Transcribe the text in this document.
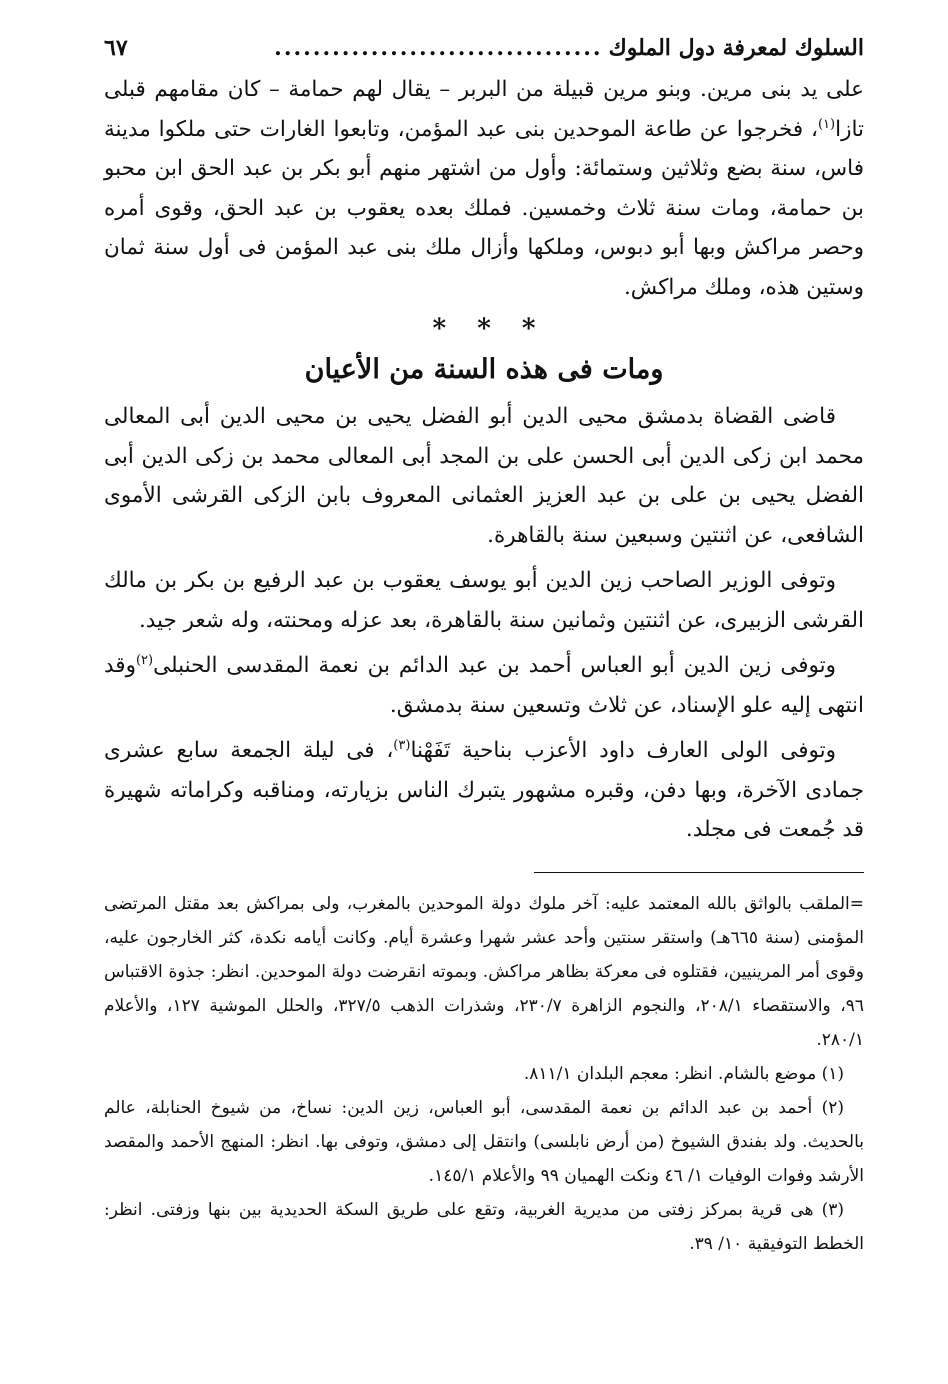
السلوك لمعرفة دول الملوك
..................................
٦٧

على يد بنى مرين. وبنو مرين قبيلة من البربر – يقال لهم حمامة – كان مقامهم قبلى تازا$^{(١)}$، فخرجوا عن طاعة الموحدين بنى عبد المؤمن، وتابعوا الغارات حتى ملكوا مدينة فاس، سنة بضع وثلاثين وستمائة: وأول من اشتهر منهم أبو بكر بن عبد الحق ابن محبو بن حمامة، ومات سنة ثلاث وخمسين. فملك بعده يعقوب بن عبد الحق، وقوى أمره وحصر مراكش وبها أبو دبوس، وملكها وأزال ملك بنى عبد المؤمن فى أول سنة ثمان وستين هذه، وملك مراكش.

* * *
ومات فى هذه السنة من الأعيان

قاضى القضاة بدمشق محيى الدين أبو الفضل يحيى بن محيى الدين أبى المعالى محمد ابن زكى الدين أبى الحسن على بن المجد أبى المعالى محمد بن زكى الدين أبى الفضل يحيى بن على بن عبد العزيز العثمانى المعروف بابن الزكى القرشى الأموى الشافعى، عن اثنتين وسبعين سنة بالقاهرة.

وتوفى الوزير الصاحب زين الدين أبو يوسف يعقوب بن عبد الرفيع بن بكر بن مالك القرشى الزبيرى، عن اثنتين وثمانين سنة بالقاهرة، بعد عزله ومحنته، وله شعر جيد.

وتوفى زين الدين أبو العباس أحمد بن عبد الدائم بن نعمة المقدسى الحنبلى$^{(٢)}$وقد انتهى إليه علو الإسناد، عن ثلاث وتسعين سنة بدمشق.

وتوفى الولى العارف داود الأعزب بناحية تَفَهْنا$^{(٣)}$، فى ليلة الجمعة سابع عشرى جمادى الآخرة، وبها دفن، وقبره مشهور يتبرك الناس بزيارته، ومناقبه وكراماته شهيرة قد جُمعت فى مجلد.

=الملقب بالواثق بالله المعتمد عليه: آخر ملوك دولة الموحدين بالمغرب، ولى بمراكش بعد مقتل المرتضى المؤمنى (سنة ٦٦٥هـ) واستقر سنتين وأحد عشر شهرا وعشرة أيام. وكانت أيامه نكدة، كثر الخارجون عليه، وقوى أمر المرينيين، فقتلوه فى معركة بظاهر مراكش. وبموته انقرضت دولة الموحدين. انظر: جذوة الاقتباس ٩٦، والاستقصاء ٢٠٨/١، والنجوم الزاهرة ٢٣٠/٧، وشذرات الذهب ٣٢٧/٥، والحلل الموشية ١٢٧، والأعلام ٢٨٠/١.

(١) موضع بالشام. انظر: معجم البلدان ٨١١/١.

(٢) أحمد بن عبد الدائم بن نعمة المقدسى، أبو العباس، زين الدين: نساخ، من شيوخ الحنابلة، عالم بالحديث. ولد بفندق الشيوخ (من أرض نابلسى) وانتقل إلى دمشق، وتوفى بها. انظر: المنهج الأحمد والمقصد الأرشد وفوات الوفيات ١/ ٤٦ ونكت الهميان ٩٩ والأعلام ١٤٥/١.

(٣) هى قرية بمركز زفتى من مديرية الغربية، وتقع على طريق السكة الحديدية بين بنها وزفتى. انظر: الخطط التوفيقية ١٠/ ٣٩.
